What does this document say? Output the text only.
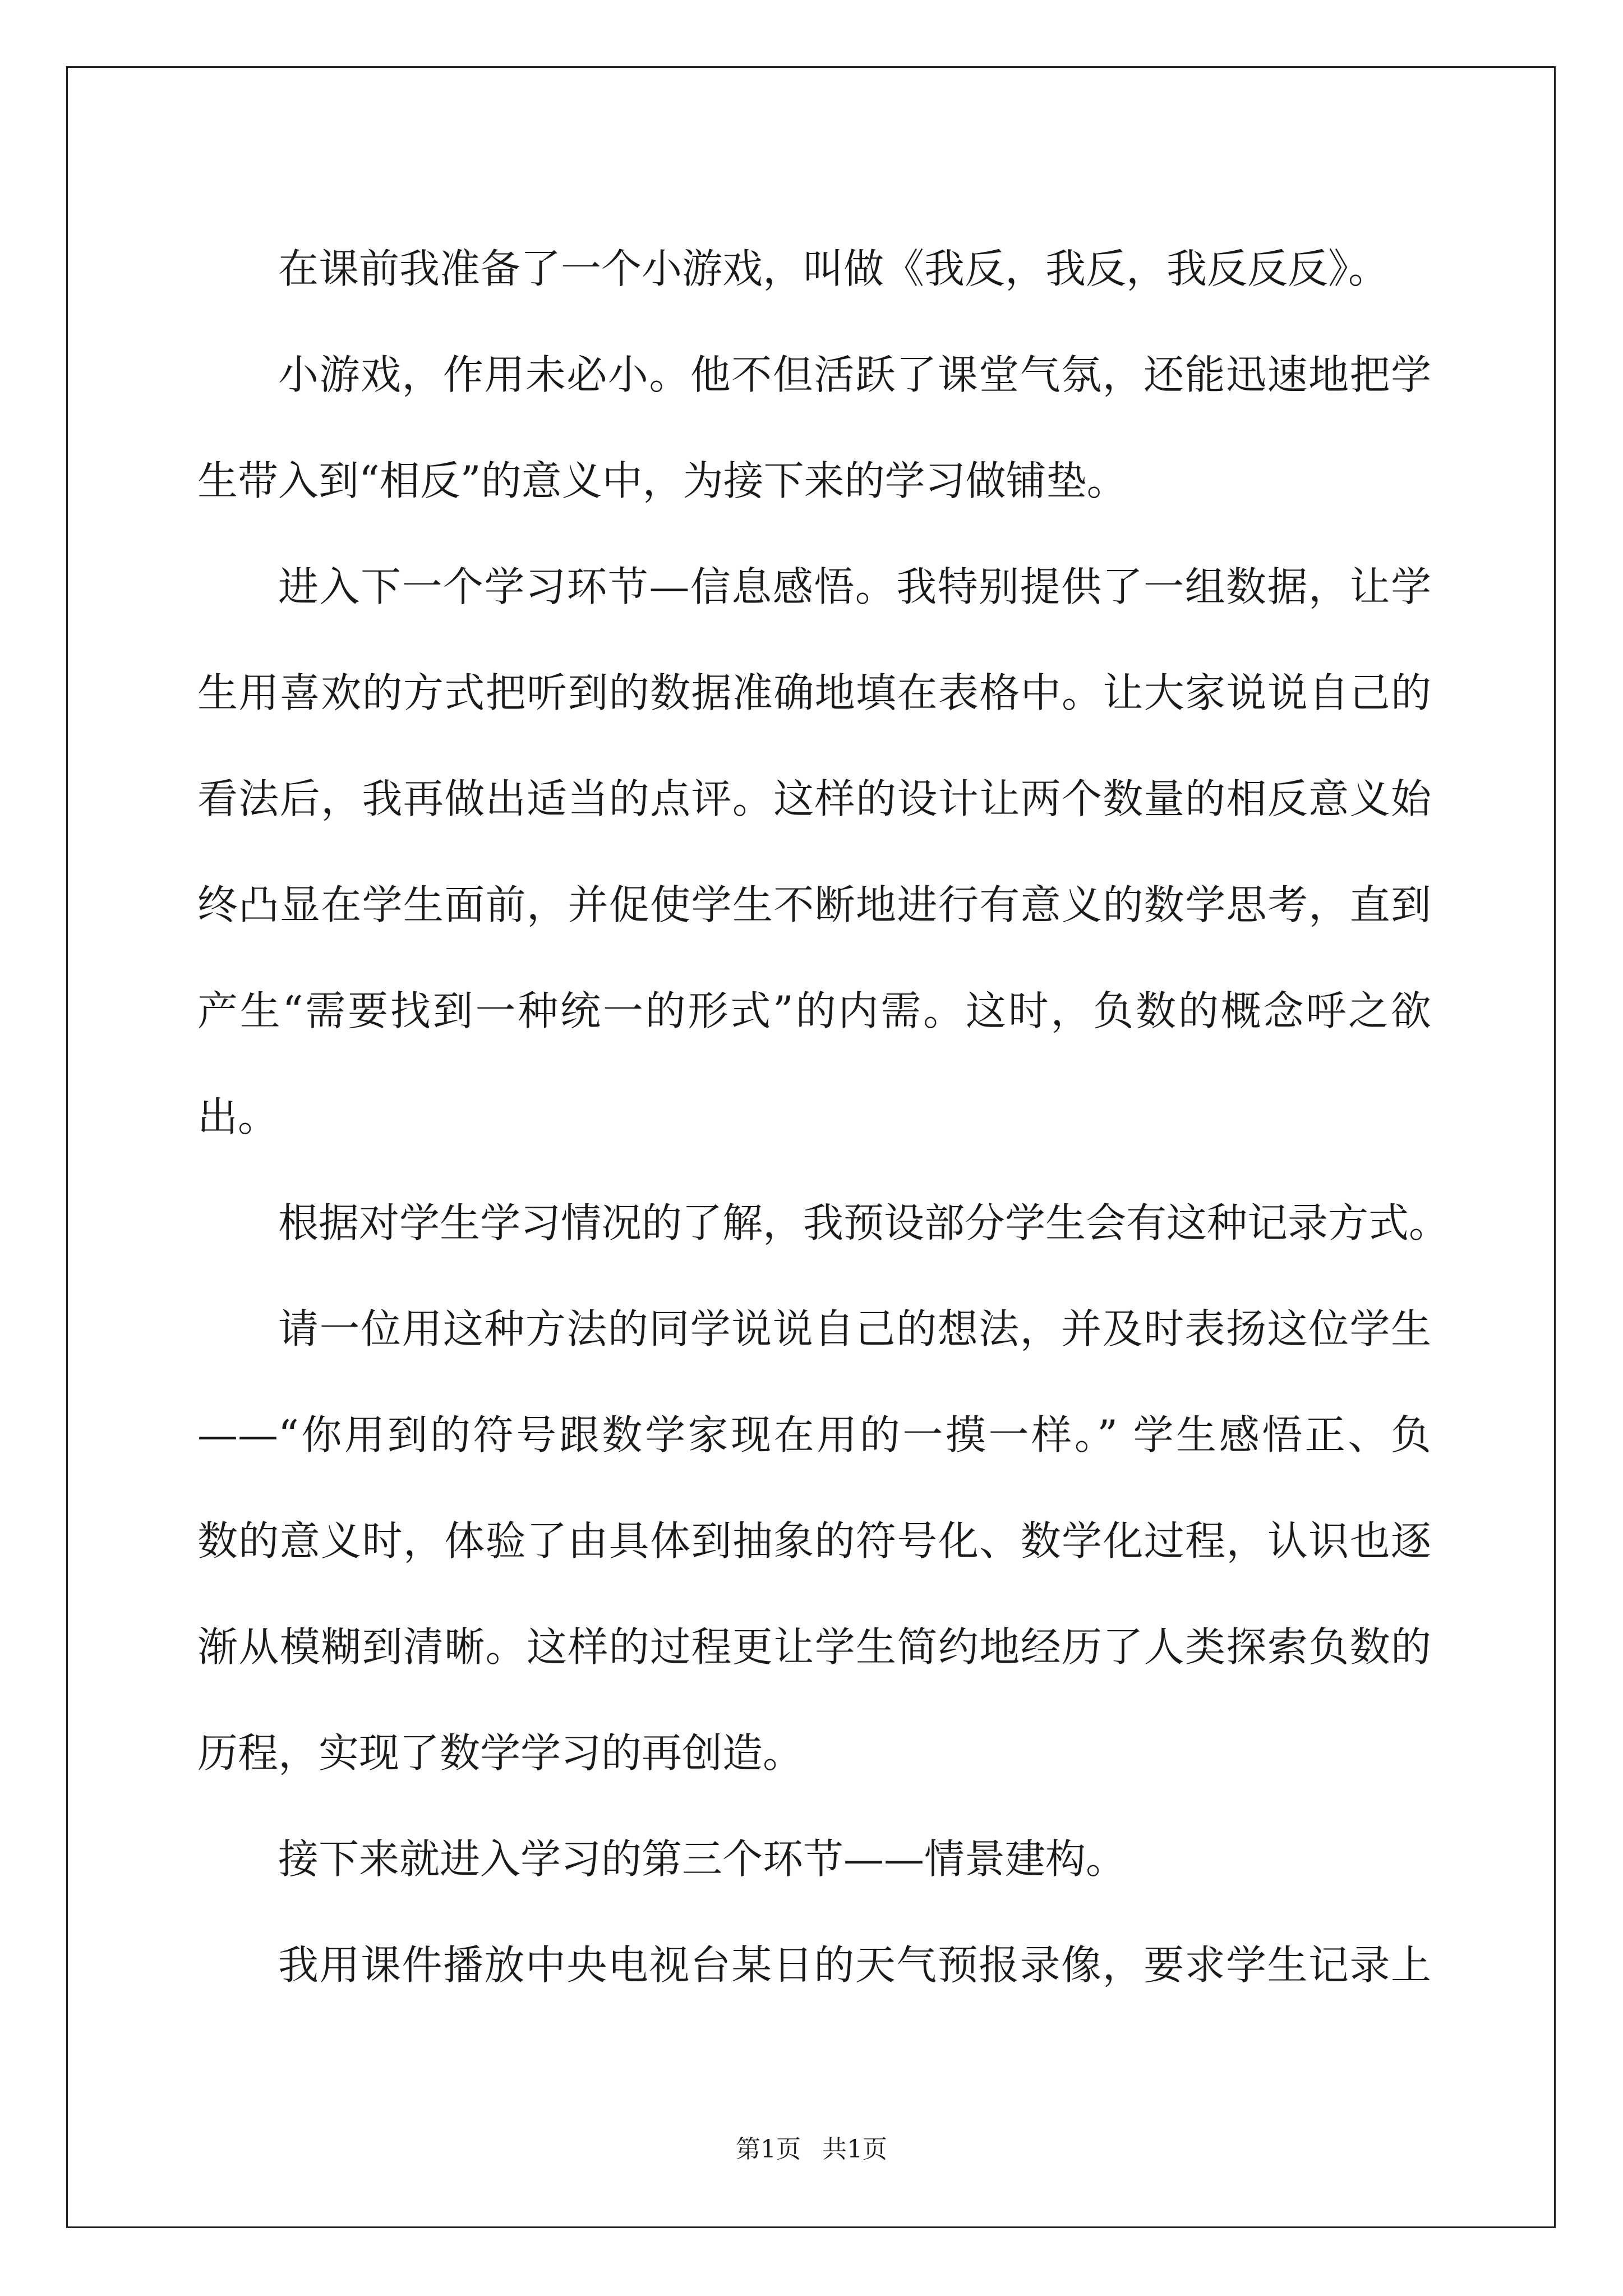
在课前我准备了一个小游戏，叫做《我反，我反，我反反反》。
小游戏，作用未必小。他不但活跃了课堂气氛，还能迅速地把学
生带入到“相反”的意义中，为接下来的学习做铺垫。
进入下一个学习环节—信息感悟。我特别提供了一组数据，让学
生用喜欢的方式把听到的数据准确地填在表格中。让大家说说自己的
看法后，我再做出适当的点评。这样的设计让两个数量的相反意义始
终凸显在学生面前，并促使学生不断地进行有意义的数学思考，直到
产生“需要找到一种统一的形式”的内需。这时，负数的概念呼之欲
出。
根据对学生学习情况的了解，我预设部分学生会有这种记录方式。
请一位用这种方法的同学说说自己的想法，并及时表扬这位学生
——“你用到的符号跟数学家现在用的一摸一样。” 学生感悟正、负
数的意义时，体验了由具体到抽象的符号化、数学化过程，认识也逐
渐从模糊到清晰。这样的过程更让学生简约地经历了人类探索负数的
历程，实现了数学学习的再创造。
接下来就进入学习的第三个环节——情景建构。
我用课件播放中央电视台某日的天气预报录像，要求学生记录上
第1页 共1页
